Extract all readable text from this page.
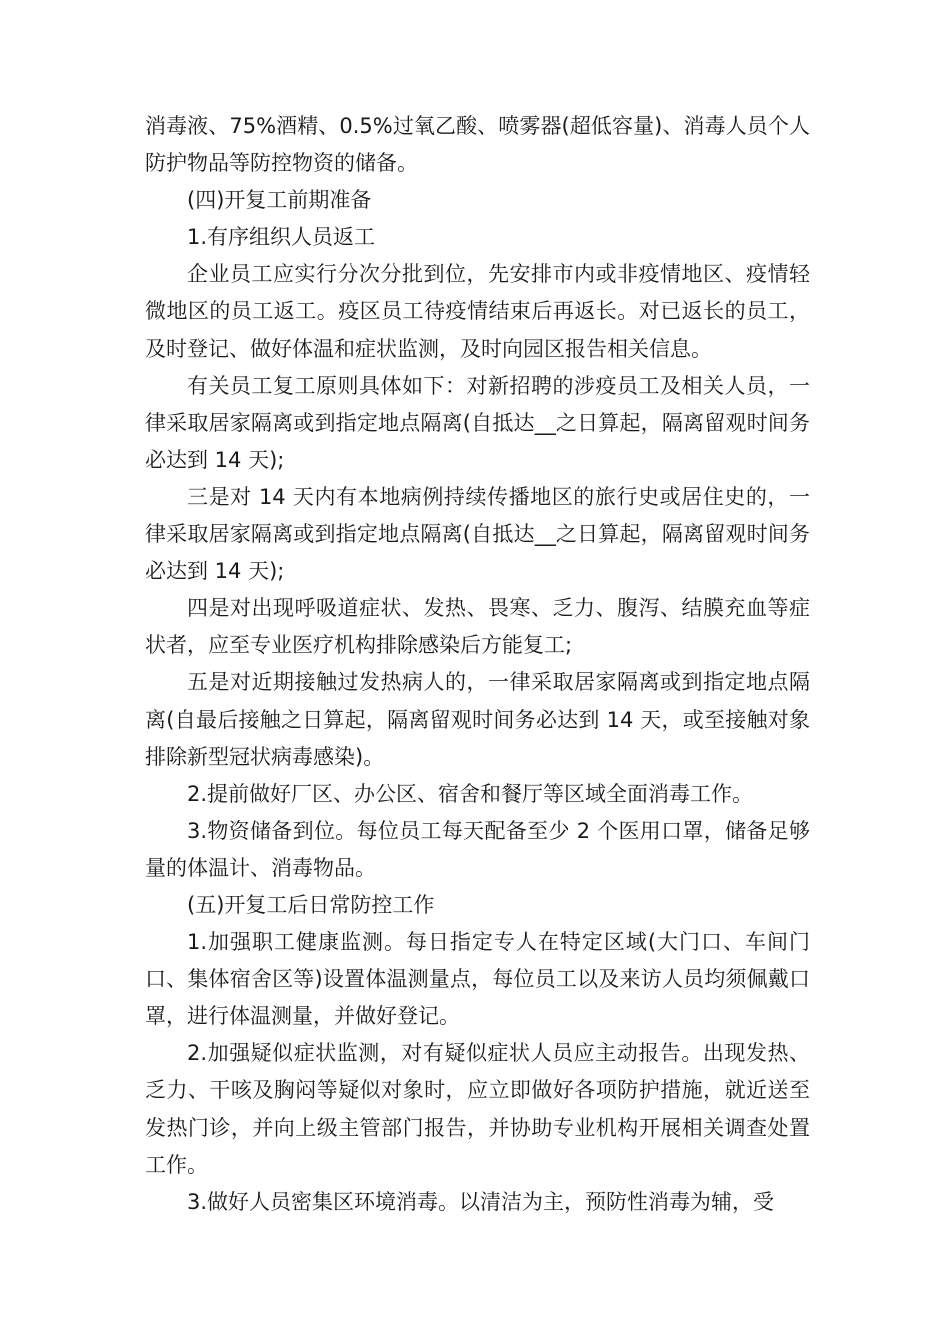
消毒液、75%酒精、0.5%过氧乙酸、喷雾器(超低容量)、消毒人员个人防护物品等防控物资的储备。

(四)开复工前期准备

1.有序组织人员返工

企业员工应实行分次分批到位，先安排市内或非疫情地区、疫情轻微地区的员工返工。疫区员工待疫情结束后再返长。对已返长的员工，及时登记、做好体温和症状监测，及时向园区报告相关信息。

有关员工复工原则具体如下：对新招聘的涉疫员工及相关人员，一律采取居家隔离或到指定地点隔离(自抵达__之日算起，隔离留观时间务必达到 14 天);

三是对 14 天内有本地病例持续传播地区的旅行史或居住史的，一律采取居家隔离或到指定地点隔离(自抵达__之日算起，隔离留观时间务必达到 14 天);

四是对出现呼吸道症状、发热、畏寒、乏力、腹泻、结膜充血等症状者，应至专业医疗机构排除感染后方能复工;

五是对近期接触过发热病人的，一律采取居家隔离或到指定地点隔离(自最后接触之日算起，隔离留观时间务必达到 14 天，或至接触对象排除新型冠状病毒感染)。

2.提前做好厂区、办公区、宿舍和餐厅等区域全面消毒工作。

3.物资储备到位。每位员工每天配备至少 2 个医用口罩，储备足够量的体温计、消毒物品。

(五)开复工后日常防控工作

1.加强职工健康监测。每日指定专人在特定区域(大门口、车间门口、集体宿舍区等)设置体温测量点，每位员工以及来访人员均须佩戴口罩，进行体温测量，并做好登记。

2.加强疑似症状监测，对有疑似症状人员应主动报告。出现发热、乏力、干咳及胸闷等疑似对象时，应立即做好各项防护措施，就近送至发热门诊，并向上级主管部门报告，并协助专业机构开展相关调查处置工作。

3.做好人员密集区环境消毒。以清洁为主，预防性消毒为辅，受
